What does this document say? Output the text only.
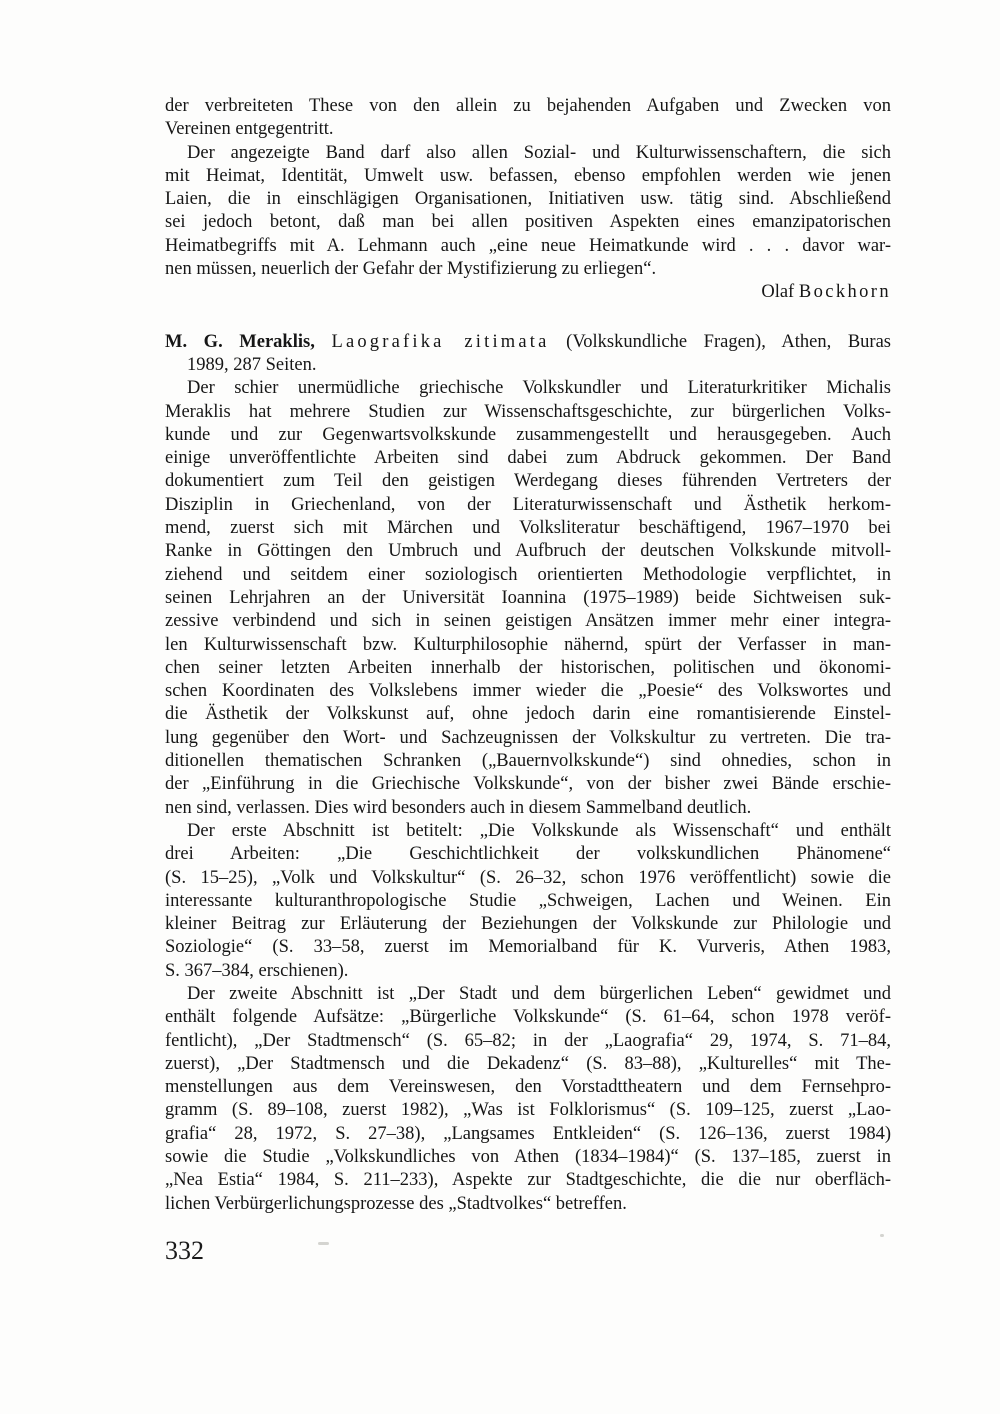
der verbreiteten These von den allein zu bejahenden Aufgaben und Zwecken von
Vereinen entgegentritt.
Der angezeigte Band darf also allen Sozial- und Kulturwissenschaftern, die sich
mit Heimat, Identität, Umwelt usw. befassen, ebenso empfohlen werden wie jenen
Laien, die in einschlägigen Organisationen, Initiativen usw. tätig sind. Abschließend
sei jedoch betont, daß man bei allen positiven Aspekten eines emanzipatorischen
Heimatbegriffs mit A. Lehmann auch „eine neue Heimatkunde wird . . . davor war-
nen müssen, neuerlich der Gefahr der Mystifizierung zu erliegen“.
Olaf Bockhorn
M. G. Meraklis, Laografika zitimata (Volkskundliche Fragen), Athen, Buras
1989, 287 Seiten.
Der schier unermüdliche griechische Volkskundler und Literaturkritiker Michalis
Meraklis hat mehrere Studien zur Wissenschaftsgeschichte, zur bürgerlichen Volks-
kunde und zur Gegenwartsvolkskunde zusammengestellt und herausgegeben. Auch
einige unveröffentlichte Arbeiten sind dabei zum Abdruck gekommen. Der Band
dokumentiert zum Teil den geistigen Werdegang dieses führenden Vertreters der
Disziplin in Griechenland, von der Literaturwissenschaft und Ästhetik herkom-
mend, zuerst sich mit Märchen und Volksliteratur beschäftigend, 1967–1970 bei
Ranke in Göttingen den Umbruch und Aufbruch der deutschen Volkskunde mitvoll-
ziehend und seitdem einer soziologisch orientierten Methodologie verpflichtet, in
seinen Lehrjahren an der Universität Ioannina (1975–1989) beide Sichtweisen suk-
zessive verbindend und sich in seinen geistigen Ansätzen immer mehr einer integra-
len Kulturwissenschaft bzw. Kulturphilosophie nähernd, spürt der Verfasser in man-
chen seiner letzten Arbeiten innerhalb der historischen, politischen und ökonomi-
schen Koordinaten des Volkslebens immer wieder die „Poesie“ des Volkswortes und
die Ästhetik der Volkskunst auf, ohne jedoch darin eine romantisierende Einstel-
lung gegenüber den Wort- und Sachzeugnissen der Volkskultur zu vertreten. Die tra-
ditionellen thematischen Schranken („Bauernvolkskunde“) sind ohnedies, schon in
der „Einführung in die Griechische Volkskunde“, von der bisher zwei Bände erschie-
nen sind, verlassen. Dies wird besonders auch in diesem Sammelband deutlich.
Der erste Abschnitt ist betitelt: „Die Volkskunde als Wissenschaft“ und enthält
drei Arbeiten: „Die Geschichtlichkeit der volkskundlichen Phänomene“
(S. 15–25), „Volk und Volkskultur“ (S. 26–32, schon 1976 veröffentlicht) sowie die
interessante kulturanthropologische Studie „Schweigen, Lachen und Weinen. Ein
kleiner Beitrag zur Erläuterung der Beziehungen der Volkskunde zur Philologie und
Soziologie“ (S. 33–58, zuerst im Memorialband für K. Vurveris, Athen 1983,
S. 367–384, erschienen).
Der zweite Abschnitt ist „Der Stadt und dem bürgerlichen Leben“ gewidmet und
enthält folgende Aufsätze: „Bürgerliche Volkskunde“ (S. 61–64, schon 1978 veröf-
fentlicht), „Der Stadtmensch“ (S. 65–82; in der „Laografia“ 29, 1974, S. 71–84,
zuerst), „Der Stadtmensch und die Dekadenz“ (S. 83–88), „Kulturelles“ mit The-
menstellungen aus dem Vereinswesen, den Vorstadttheatern und dem Fernsehpro-
gramm (S. 89–108, zuerst 1982), „Was ist Folklorismus“ (S. 109–125, zuerst „Lao-
grafia“ 28, 1972, S. 27–38), „Langsames Entkleiden“ (S. 126–136, zuerst 1984)
sowie die Studie „Volkskundliches von Athen (1834–1984)“ (S. 137–185, zuerst in
„Nea Estia“ 1984, S. 211–233), Aspekte zur Stadtgeschichte, die die nur oberfläch-
lichen Verbürgerlichungsprozesse des „Stadtvolkes“ betreffen.
332
